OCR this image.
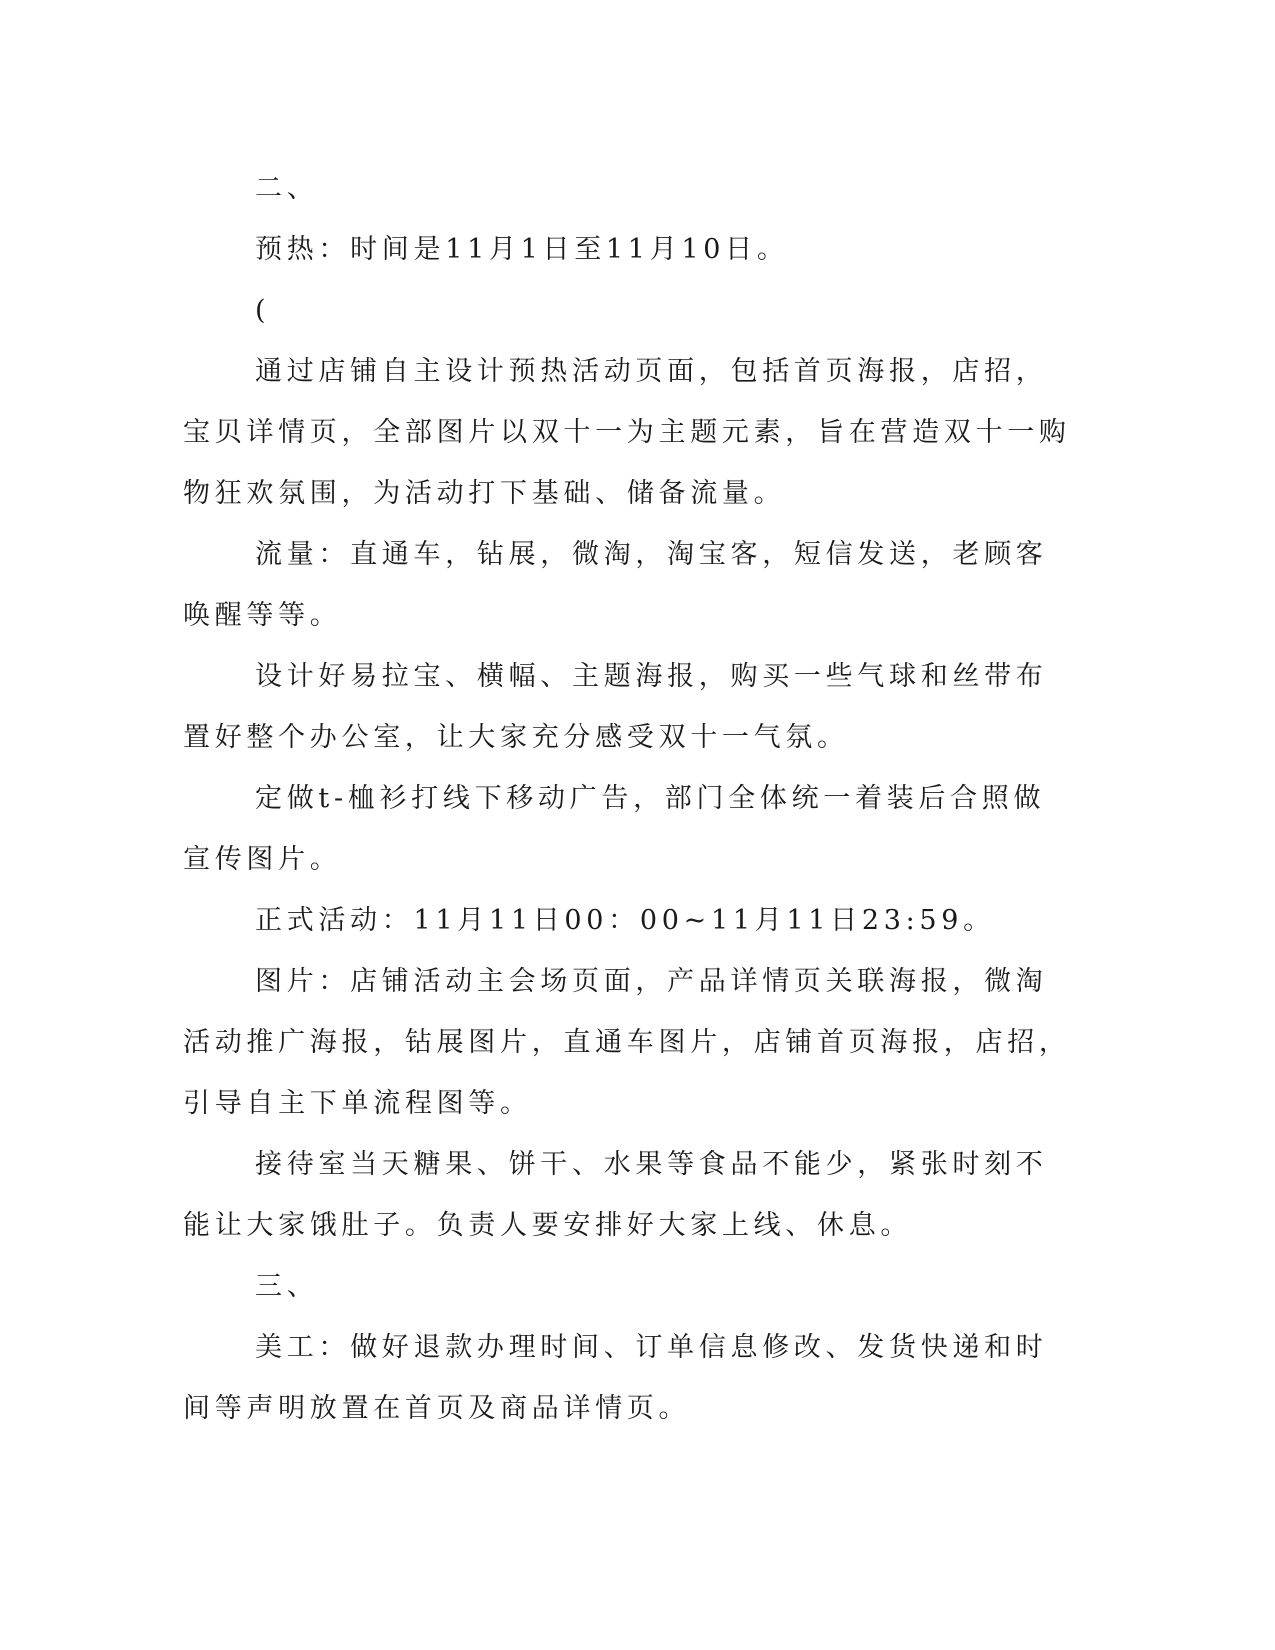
二、

预热：时间是11月1日至11月10日。

(

通过店铺自主设计预热活动页面，包括首页海报，店招，宝贝详情页，全部图片以双十一为主题元素，旨在营造双十一购物狂欢氛围，为活动打下基础、储备流量。

流量：直通车，钻展，微淘，淘宝客，短信发送，老顾客唤醒等等。

设计好易拉宝、横幅、主题海报，购买一些气球和丝带布置好整个办公室，让大家充分感受双十一气氛。

定做t-桖衫打线下移动广告，部门全体统一着装后合照做宣传图片。

正式活动：11月11日00：00~11月11日23:59。

图片：店铺活动主会场页面，产品详情页关联海报，微淘活动推广海报，钻展图片，直通车图片，店铺首页海报，店招，引导自主下单流程图等。

接待室当天糖果、饼干、水果等食品不能少，紧张时刻不能让大家饿肚子。负责人要安排好大家上线、休息。

三、

美工：做好退款办理时间、订单信息修改、发货快递和时间等声明放置在首页及商品详情页。
